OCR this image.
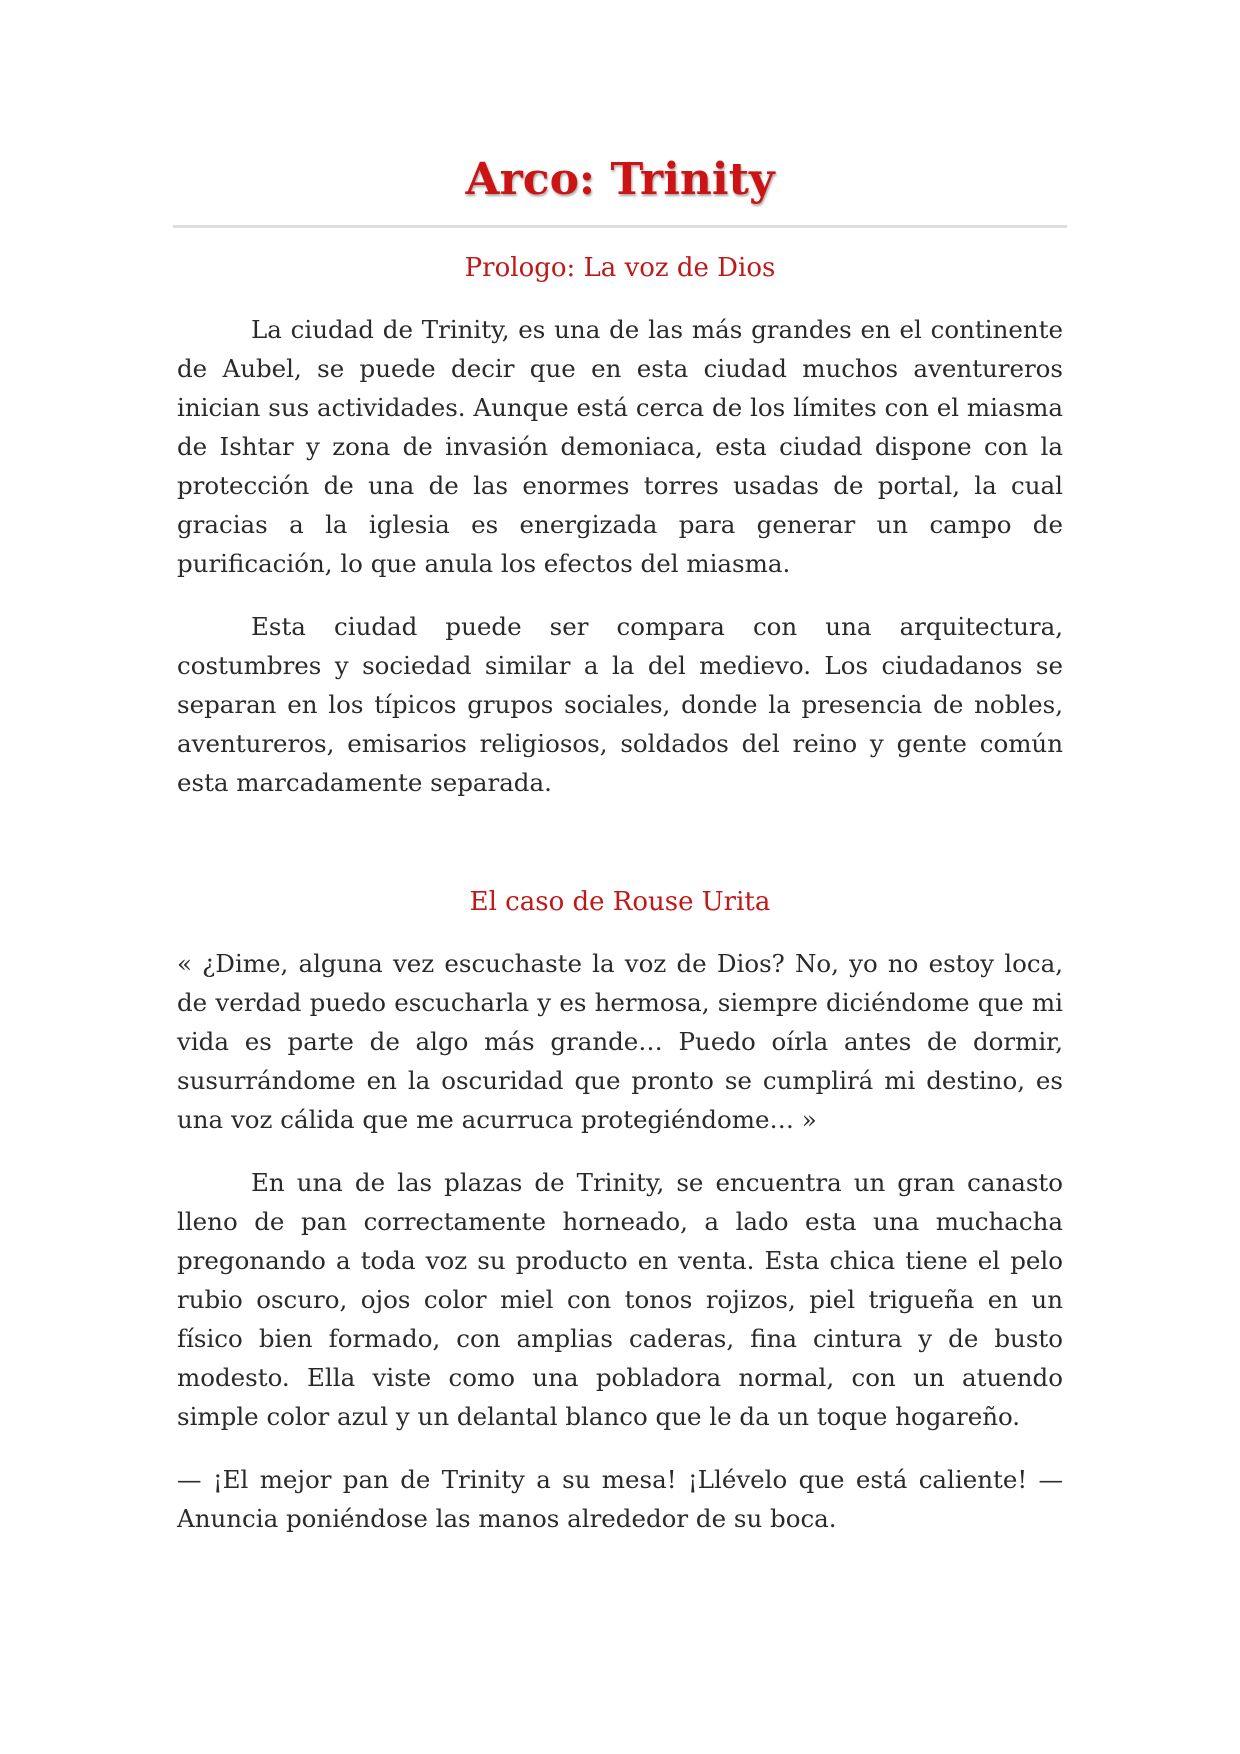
Arco: Trinity
Prologo: La voz de Dios

La ciudad de Trinity, es una de las más grandes en el continente de Aubel, se puede decir que en esta ciudad muchos aventureros inician sus actividades. Aunque está cerca de los límites con el miasma de Ishtar y zona de invasión demoniaca, esta ciudad dispone con la protección de una de las enormes torres usadas de portal, la cual gracias a la iglesia es energizada para generar un campo de purificación, lo que anula los efectos del miasma.

Esta ciudad puede ser compara con una arquitectura, costumbres y sociedad similar a la del medievo. Los ciudadanos se separan en los típicos grupos sociales, donde la presencia de nobles, aventureros, emisarios religiosos, soldados del reino y gente común esta marcadamente separada.

El caso de Rouse Urita

« ¿Dime, alguna vez escuchaste la voz de Dios? No, yo no estoy loca, de verdad puedo escucharla y es hermosa, siempre diciéndome que mi vida es parte de algo más grande… Puedo oírla antes de dormir, susurrándome en la oscuridad que pronto se cumplirá mi destino, es una voz cálida que me acurruca protegiéndome… »

En una de las plazas de Trinity, se encuentra un gran canasto lleno de pan correctamente horneado, a lado esta una muchacha pregonando a toda voz su producto en venta. Esta chica tiene el pelo rubio oscuro, ojos color miel con tonos rojizos, piel trigueña en un físico bien formado, con amplias caderas, fina cintura y de busto modesto. Ella viste como una pobladora normal, con un atuendo simple color azul y un delantal blanco que le da un toque hogareño.

— ¡El mejor pan de Trinity a su mesa! ¡Llévelo que está caliente! — Anuncia poniéndose las manos alrededor de su boca.
